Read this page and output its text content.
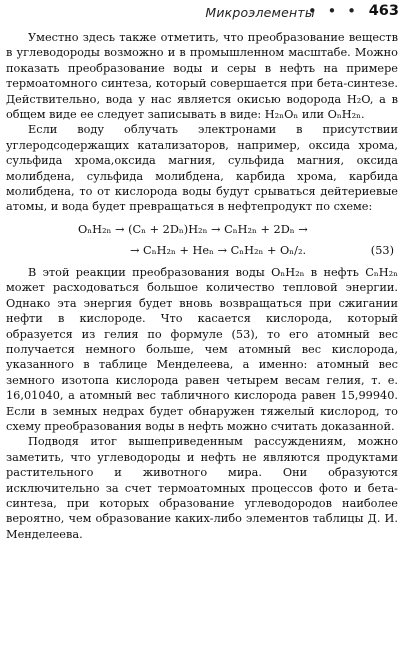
Микроэлементы
• • • 463

Уместно здесь также отметить, что преобразование веществ в углеводороды возможно и в промышленном масштабе. Можно показать преобразование воды и серы в нефть на примере термоатомного синтеза, который совершается при бета-синтезе. Действительно, вода у нас является окисью водорода H₂O, а в общем виде ее следует записывать в виде: H₂ₙOₙ или OₙH₂ₙ.

Если воду облучать электронами в присутствии углеродсодержащих катализаторов, например, оксида хрома, сульфида хрома,оксида магния, сульфида магния, оксида молибдена, сульфида молибдена, карбида хрома, карбида молибдена, то от кислорода воды будут срываться дейтериевые атомы, и вода будет превращаться в нефтепродукт по схеме:

OₙH₂ₙ → (Cₙ + 2Dₙ)H₂ₙ → CₙH₂ₙ + 2Dₙ →
→ CₙH₂ₙ + Heₙ → CₙH₂ₙ + Oₙ/₂.	(53)

В этой реакции преобразования воды OₙH₂ₙ в нефть CₙH₂ₙ может расходоваться большое количество тепловой энергии. Однако эта энергия будет вновь возвращаться при сжигании нефти в кислороде. Что касается кислорода, который образуется из гелия по формуле (53), то его атомный вес получается немного больше, чем атомный вес кислорода, указанного в таблице Менделеева, а именно: атомный вес земного изотопа кислорода равен четырем весам гелия, т. е. 16,01040, а атомный вес табличного кислорода равен 15,99940. Если в земных недрах будет обнаружен тяжелый кислород, то схему преобразования воды в нефть можно считать доказанной.

Подводя итог вышеприведенным рассуждениям, можно заметить, что углеводороды и нефть не являются продуктами растительного и животного мира. Они образуются исключительно за счет термоатомных процессов фото и бета-синтеза, при которых образование углеводородов наиболее вероятно, чем образование каких-либо элементов таблицы Д. И. Менделеева.
